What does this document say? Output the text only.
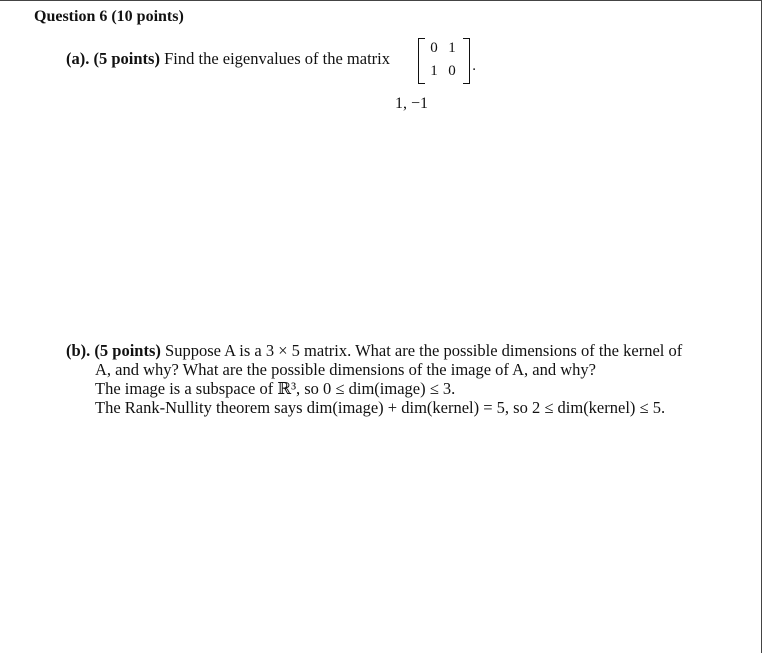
Question 6 (10 points)
(a). (5 points) Find the eigenvalues of the matrix
0 1
1 0 .
1, −1
(b). (5 points) Suppose A is a 3 × 5 matrix. What are the possible dimensions of the kernel of
A, and why? What are the possible dimensions of the image of A, and why?
The image is a subspace of ℝ³, so 0 ≤ dim(image) ≤ 3.
The Rank-Nullity theorem says dim(image) + dim(kernel) = 5, so 2 ≤ dim(kernel) ≤ 5.
